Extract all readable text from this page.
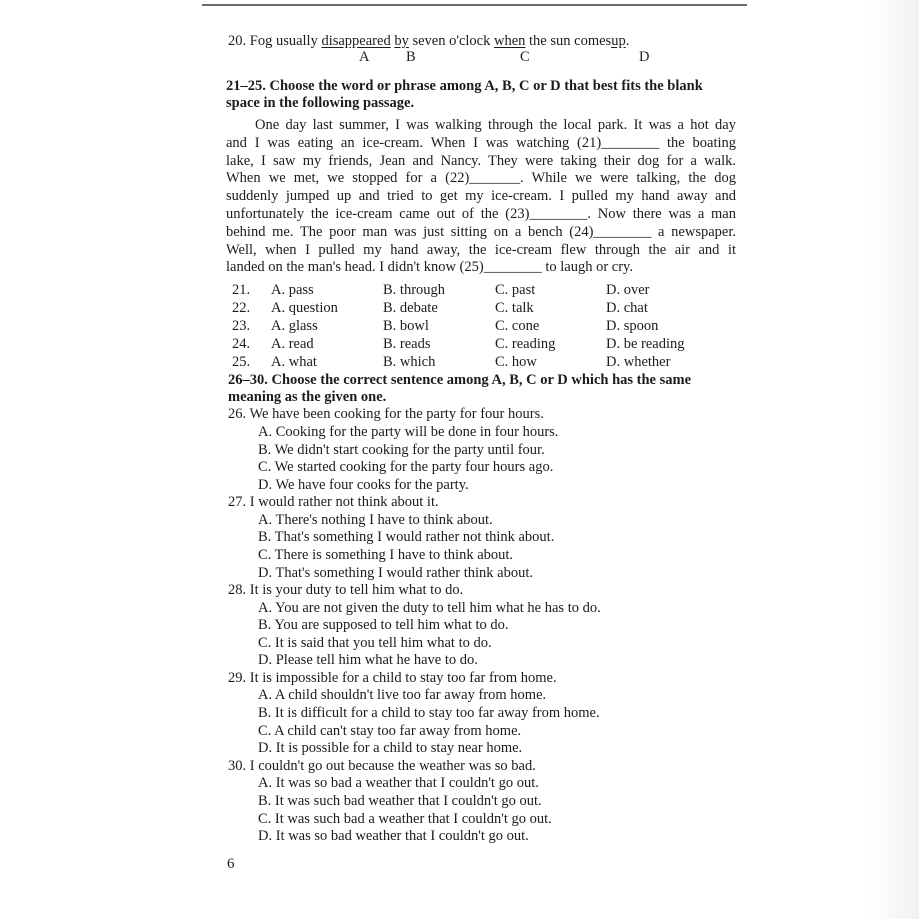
20. Fog usually disappeared by seven o'clock when the sun comesup.
A	B	C	D
21–25. Choose the word or phrase among A, B, C or D that best fits the blank
space in the following passage.
One day last summer, I was walking through the local park. It was a hot day
and I was eating an ice-cream. When I was watching (21)________ the boating
lake, I saw my friends, Jean and Nancy. They were taking their dog for a walk.
When we met, we stopped for a (22)_______. While we were talking, the dog
suddenly jumped up and tried to get my ice-cream. I pulled my hand away and
unfortunately the ice-cream came out of the (23)________. Now there was a man
behind me. The poor man was just sitting on a bench (24)________ a newspaper.
Well, when I pulled my hand away, the ice-cream flew through the air and it
landed on the man's head. I didn't know (25)________ to laugh or cry.
21. A. pass	B. through	C. past	D. over
22. A. question	B. debate	C. talk	D. chat
23. A. glass	B. bowl	C. cone	D. spoon
24. A. read	B. reads	C. reading	D. be reading
25. A. what	B. which	C. how	D. whether
26–30. Choose the correct sentence among A, B, C or D which has the same
meaning as the given one.
26. We have been cooking for the party for four hours.
A. Cooking for the party will be done in four hours.
B. We didn't start cooking for the party until four.
C. We started cooking for the party four hours ago.
D. We have four cooks for the party.
27. I would rather not think about it.
A. There's nothing I have to think about.
B. That's something I would rather not think about.
C. There is something I have to think about.
D. That's something I would rather think about.
28. It is your duty to tell him what to do.
A. You are not given the duty to tell him what he has to do.
B. You are supposed to tell him what to do.
C. It is said that you tell him what to do.
D. Please tell him what he have to do.
29. It is impossible for a child to stay too far from home.
A. A child shouldn't live too far away from home.
B. It is difficult for a child to stay too far away from home.
C. A child can't stay too far away from home.
D. It is possible for a child to stay near home.
30. I couldn't go out because the weather was so bad.
A. It was so bad a weather that I couldn't go out.
B. It was such bad weather that I couldn't go out.
C. It was such bad a weather that I couldn't go out.
D. It was so bad weather that I couldn't go out.
6
